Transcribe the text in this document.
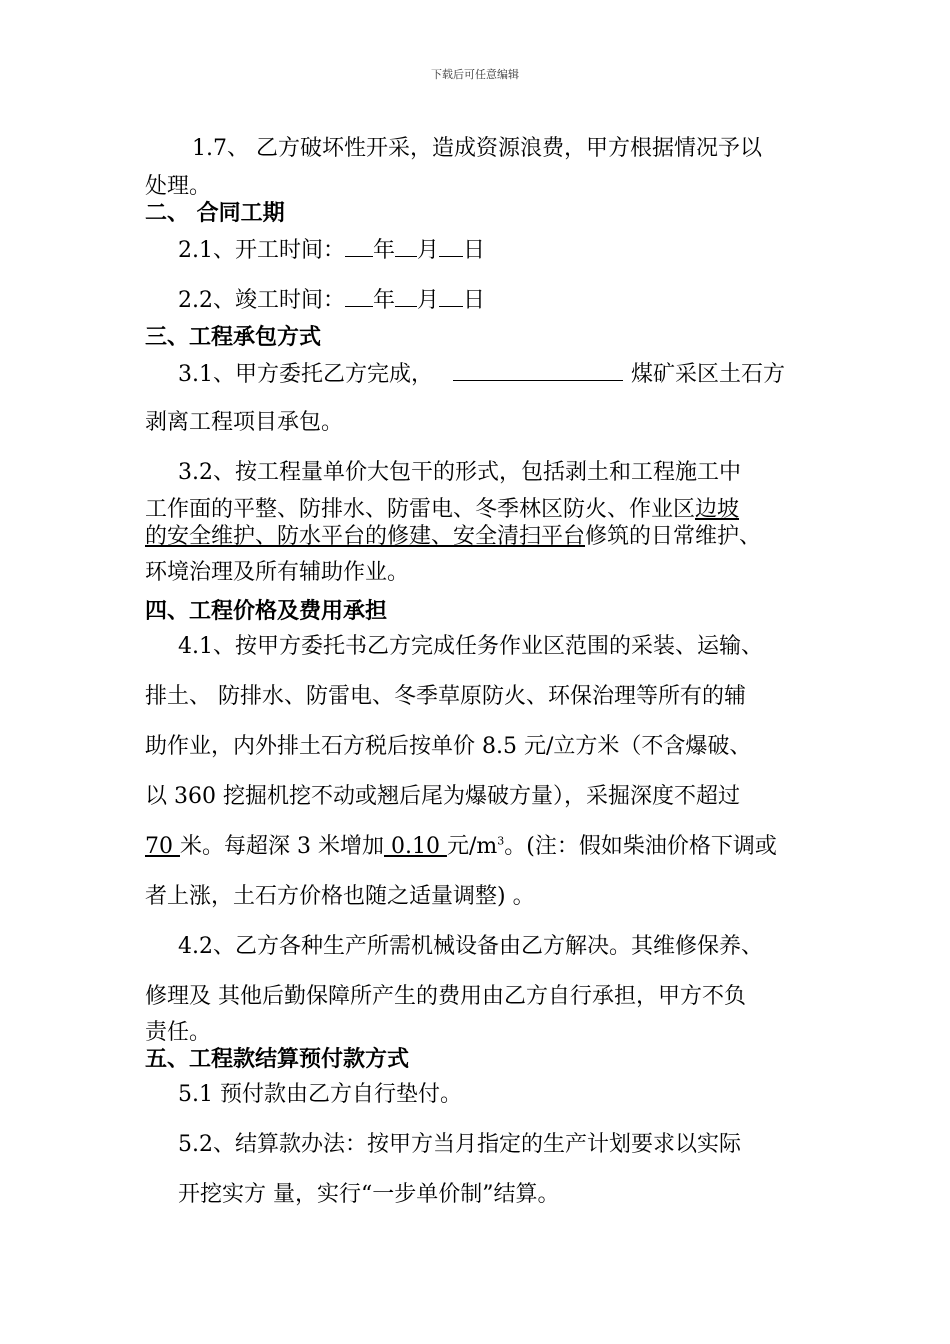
下载后可任意编辑
1.7、 乙方破坏性开采，造成资源浪费，甲方根据情况予以
处理。
二、 合同工期
2.1、开工时间： 年 月 日
2.2、竣工时间： 年 月 日
三、工程承包方式
3.1、甲方委托乙方完成，	煤矿采区土石方
剥离工程项目承包。
3.2、按工程量单价大包干的形式，包括剥土和工程施工中
工作面的平整、防排水、防雷电、冬季林区防火、作业区边坡
的安全维护、防水平台的修建、安全清扫平台修筑的日常维护、
环境治理及所有辅助作业。
四、工程价格及费用承担
4.1、按甲方委托书乙方完成任务作业区范围的采装、运输、
排土、 防排水、防雷电、冬季草原防火、环保治理等所有的辅
助作业，内外排土石方税后按单价 8.5 元/立方米（不含爆破、
以 360 挖掘机挖不动或翘后尾为爆破方量），采掘深度不超过
70 米。每超深 3 米增加 0.10 元$/m^3$。(注：假如柴油价格下调或
者上涨，土石方价格也随之适量调整) 。
4.2、乙方各种生产所需机械设备由乙方解决。其维修保养、
修理及 其他后勤保障所产生的费用由乙方自行承担，甲方不负
责任。
五、工程款结算预付款方式
5.1 预付款由乙方自行垫付。
5.2、结算款办法：按甲方当月指定的生产计划要求以实际
开挖实方 量，实行“一步单价制”结算。
